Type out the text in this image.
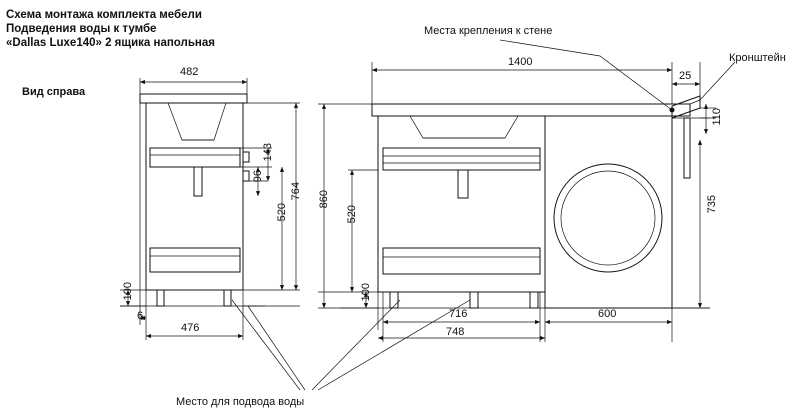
Схема монтажа комплекта мебели
Подведения воды к тумбе
«Dallas Luxe140» 2 ящика напольная
Вид справа
Места крепления к стене
Кронштейн
Место для подвода воды
482
476
6
143
96
520
764
100
1400
25
110
735
860
520
100
716
748
600
